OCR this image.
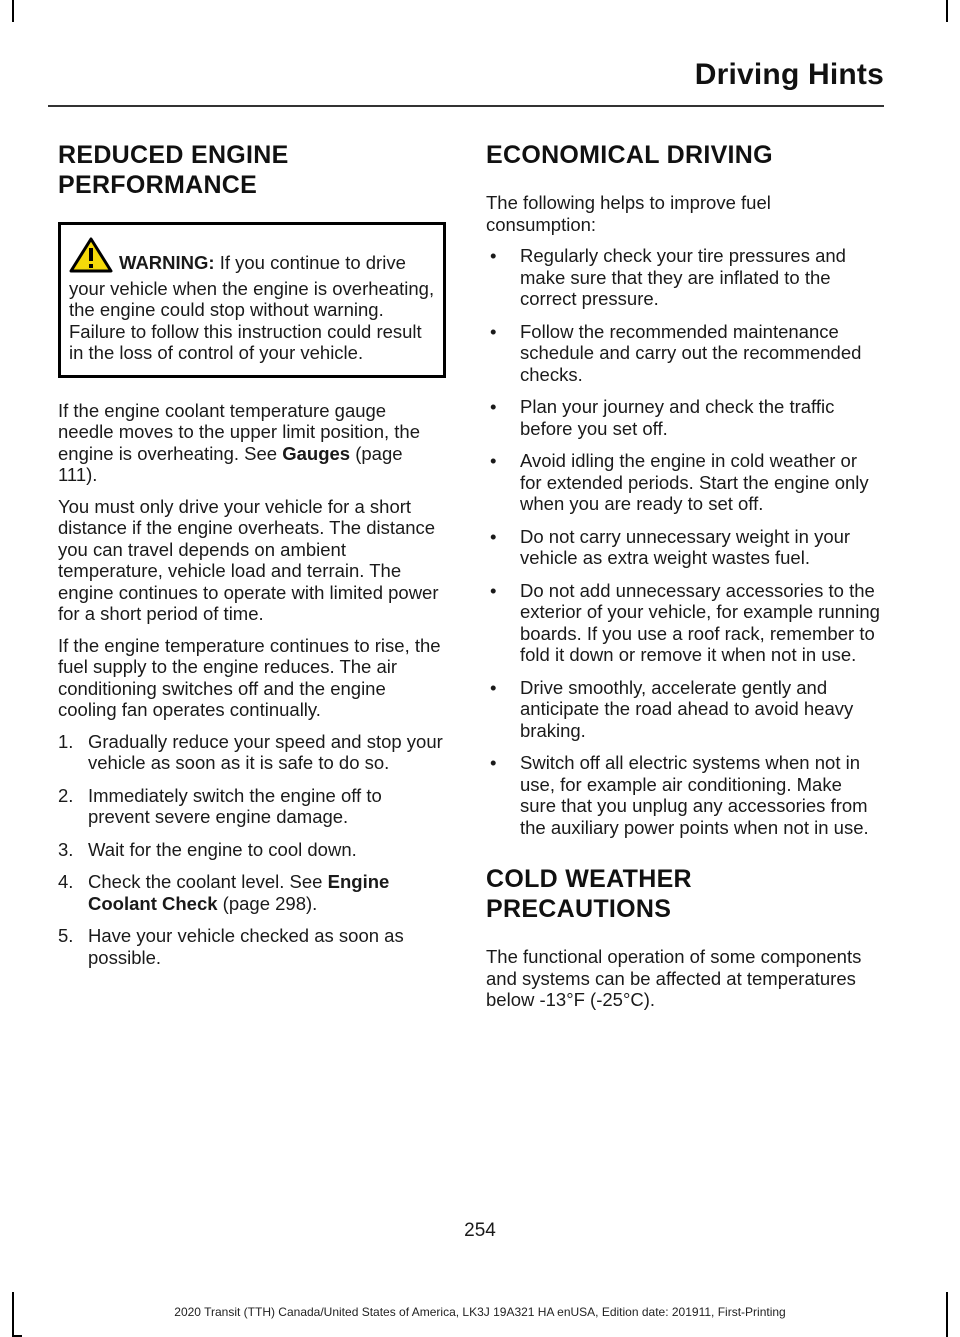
Driving Hints
REDUCED ENGINE
PERFORMANCE
WARNING: If you continue to drive your vehicle when the engine is overheating, the engine could stop without warning. Failure to follow this instruction could result in the loss of control of your vehicle.

If the engine coolant temperature gauge needle moves to the upper limit position, the engine is overheating. See Gauges (page 111).

You must only drive your vehicle for a short distance if the engine overheats. The distance you can travel depends on ambient temperature, vehicle load and terrain. The engine continues to operate with limited power for a short period of time.

If the engine temperature continues to rise, the fuel supply to the engine reduces. The air conditioning switches off and the engine cooling fan operates continually.

1. Gradually reduce your speed and stop your vehicle as soon as it is safe to do so.
2. Immediately switch the engine off to prevent severe engine damage.
3. Wait for the engine to cool down.
4. Check the coolant level. See Engine Coolant Check (page 298).
5. Have your vehicle checked as soon as possible.
ECONOMICAL DRIVING

The following helps to improve fuel consumption:

• Regularly check your tire pressures and make sure that they are inflated to the correct pressure.
• Follow the recommended maintenance schedule and carry out the recommended checks.
• Plan your journey and check the traffic before you set off.
• Avoid idling the engine in cold weather or for extended periods. Start the engine only when you are ready to set off.
• Do not carry unnecessary weight in your vehicle as extra weight wastes fuel.
• Do not add unnecessary accessories to the exterior of your vehicle, for example running boards. If you use a roof rack, remember to fold it down or remove it when not in use.
• Drive smoothly, accelerate gently and anticipate the road ahead to avoid heavy braking.
• Switch off all electric systems when not in use, for example air conditioning. Make sure that you unplug any accessories from the auxiliary power points when not in use.
COLD WEATHER
PRECAUTIONS

The functional operation of some components and systems can be affected at temperatures below -13°F (-25°C).

254
2020 Transit (TTH) Canada/United States of America, LK3J 19A321 HA enUSA, Edition date: 201911, First-Printing
